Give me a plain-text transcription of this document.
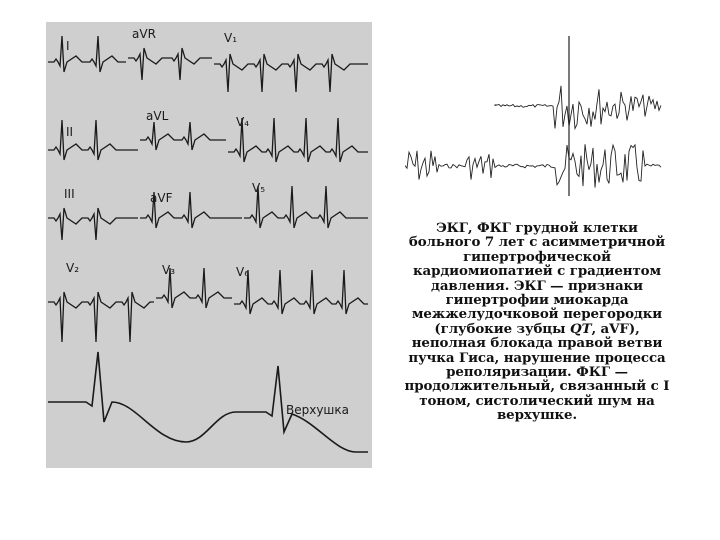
I
aVR	V₁
II
aVL	V₄
III	aVF
V₅
V₂	V₃	V₆
Верхушка
ЭКГ, ФКГ грудной клетки больного 7 лет с асимметричной гипертрофической кардиомиопатией с градиентом давления. ЭКГ — признаки гипертрофии миокарда межжелудочковой перегородки (глубокие зубцы QT, aVF), неполная блокада правой ветви пучка Гиса, нарушение процесса реполяризации. ФКГ — продолжительный, связанный с I тоном, систолический шум на верхушке.
